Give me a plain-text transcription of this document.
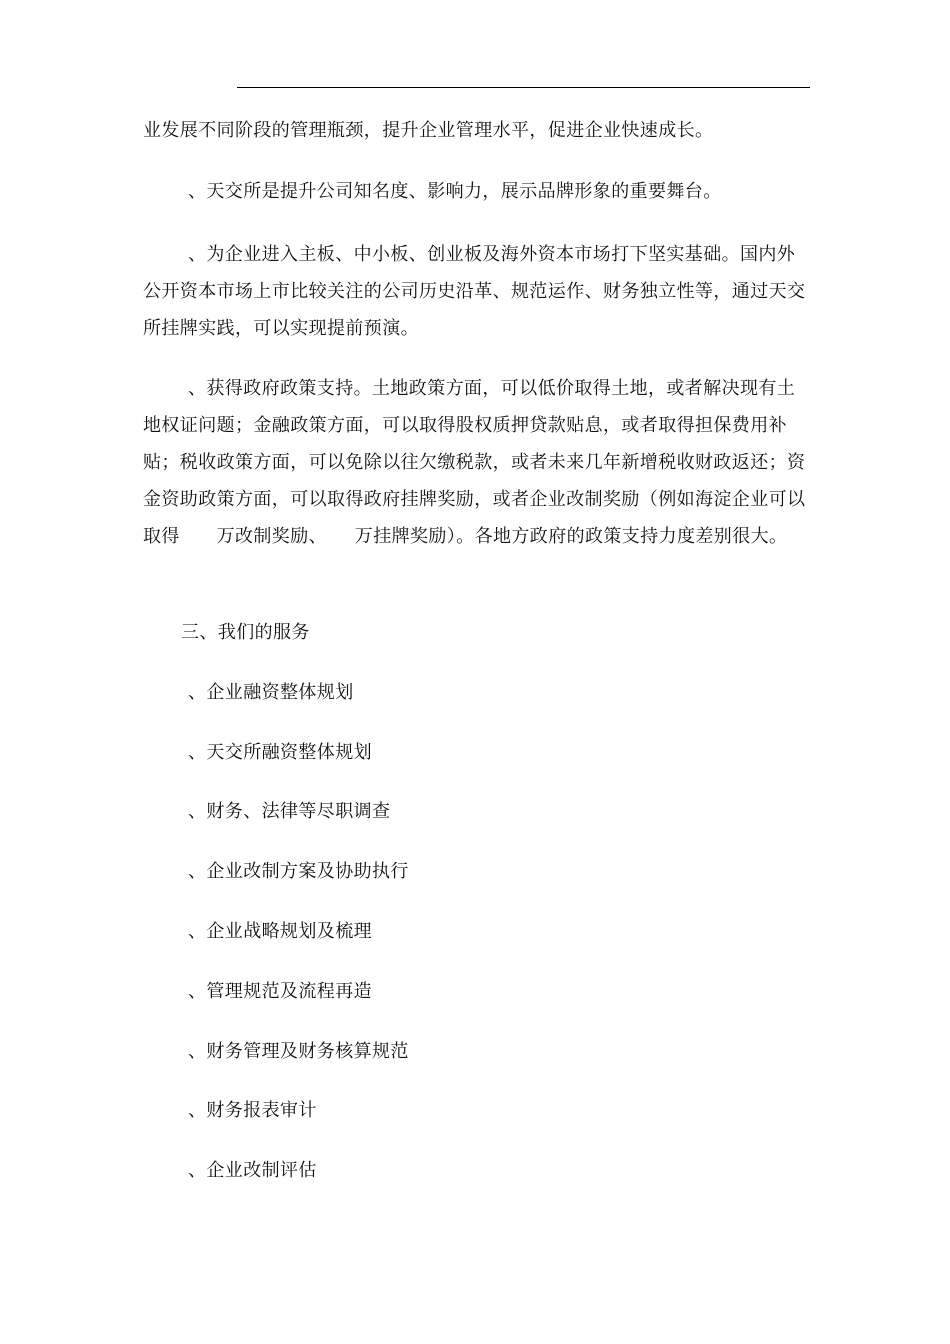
业发展不同阶段的管理瓶颈，提升企业管理水平，促进企业快速成长。

、天交所是提升公司知名度、影响力，展示品牌形象的重要舞台。

、为企业进入主板、中小板、创业板及海外资本市场打下坚实基础。国内外公开资本市场上市比较关注的公司历史沿革、规范运作、财务独立性等，通过天交所挂牌实践，可以实现提前预演。

、获得政府政策支持。土地政策方面，可以低价取得土地，或者解决现有土地权证问题；金融政策方面，可以取得股权质押贷款贴息，或者取得担保费用补贴；税收政策方面，可以免除以往欠缴税款，或者未来几年新增税收财政返还；资金资助政策方面，可以取得政府挂牌奖励，或者企业改制奖励（例如海淀企业可以取得　　万改制奖励、　　万挂牌奖励）。各地方政府的政策支持力度差别很大。

三、我们的服务

、企业融资整体规划

、天交所融资整体规划

、财务、法律等尽职调查

、企业改制方案及协助执行

、企业战略规划及梳理

、管理规范及流程再造

、财务管理及财务核算规范

、财务报表审计

、企业改制评估
